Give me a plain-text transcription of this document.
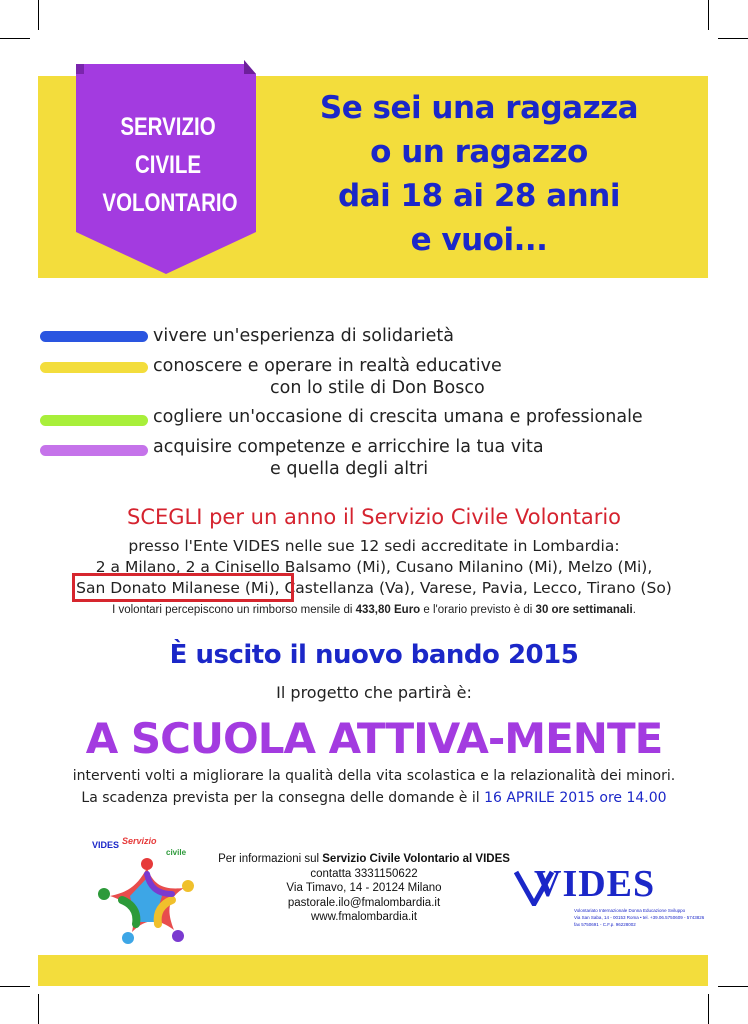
SERVIZIO
CIVILE
VOLONTARIO
Se sei una ragazza
o un ragazzo
dai 18 ai 28 anni
e vuoi...
vivere un'esperienza di solidarietà
conoscere e operare in realtà educative
con lo stile di Don Bosco
cogliere un'occasione di crescita umana e professionale
acquisire competenze e arricchire la tua vita
e quella degli altri
SCEGLI per un anno il Servizio Civile Volontario
presso l'Ente VIDES nelle sue 12 sedi accreditate in Lombardia:
2 a Milano, 2 a Cinisello Balsamo (Mi), Cusano Milanino (Mi), Melzo (Mi),
San Donato Milanese (Mi), Castellanza (Va), Varese, Pavia, Lecco, Tirano (So)
I volontari percepiscono un rimborso mensile di 433,80 Euro e l'orario previsto è di 30 ore settimanali.
È uscito il nuovo bando 2015
Il progetto che partirà è:
A SCUOLA ATTIVA-MENTE
interventi volti a migliorare la qualità della vita scolastica e la relazionalità dei minori.
La scadenza prevista per la consegna delle domande è il 16 APRILE 2015 ore 14.00
VIDES Servizio
civile
Per informazioni sul Servizio Civile Volontario al VIDES
contatta 3331150622
Via Timavo, 14 - 20124 Milano
pastorale.ilo@fmalombardia.it
www.fmalombardia.it
VIDES
Volontariato Internazionale Donna Educazione Sviluppo
Via San Saba, 14 - 00153 Roma • tel. +39.06.5750609 - 5743826
fax 5750691 - C.F.p. 96228002
